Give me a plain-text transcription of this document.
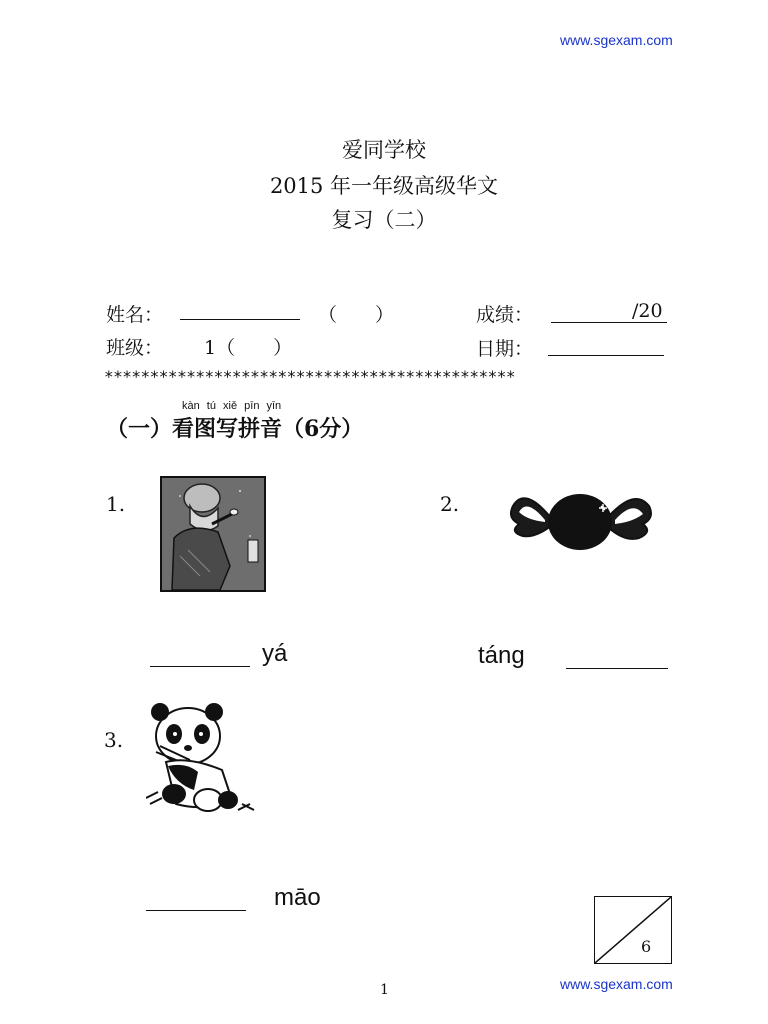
www.sgexam.com
爱同学校
2015 年一年级高级华文
复习（二）
姓名：	（　　）	成绩：	/20
班级： 1（　　）	日期：
*********************************************
kàn tú xiě pīn yīn
（一）看图写拼音（6分）
1.
yá
2.
táng
3.
māo
6
1	www.sgexam.com
